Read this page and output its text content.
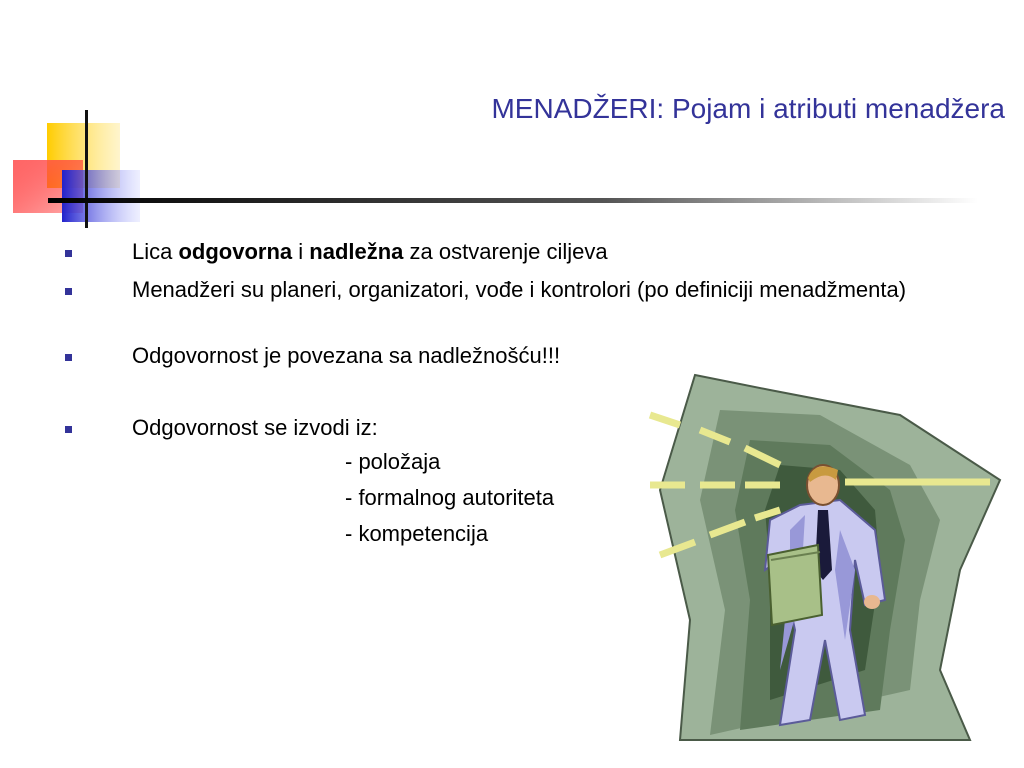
MENADŽERI: Pojam i atributi menadžera
Lica odgovorna i nadležna za ostvarenje ciljeva
Menadžeri su planeri, organizatori, vođe i kontrolori (po definiciji menadžmenta)
Odgovornost je povezana sa nadležnošću!!!
Odgovornost se izvodi iz:
- položaja
- formalnog autoriteta
- kompetencija
